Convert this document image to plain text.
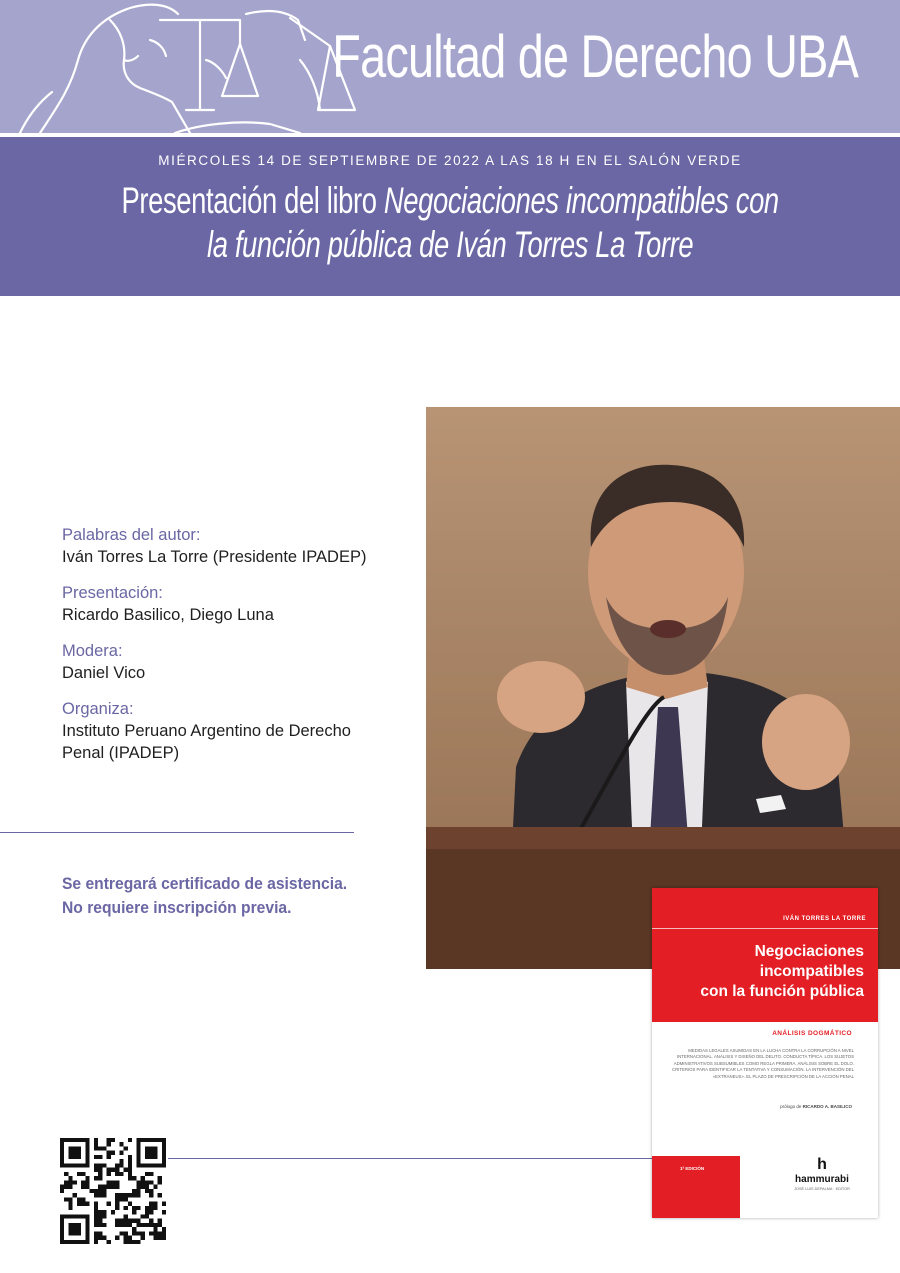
Facultad de Derecho UBA
MIÉRCOLES 14 DE SEPTIEMBRE DE 2022 A LAS 18 H EN EL SALÓN VERDE
Presentación del libro Negociaciones incompatibles con
la función pública de Iván Torres La Torre
Palabras del autor:
Iván Torres La Torre (Presidente IPADEP)
Presentación:
Ricardo Basilico, Diego Luna
Modera:
Daniel Vico
Organiza:
Instituto Peruano Argentino de Derecho Penal (IPADEP)
Se entregará certificado de asistencia.
No requiere inscripción previa.
IVÁN TORRES LA TORRE
Negociaciones
incompatibles
con la función pública
ANÁLISIS DOGMÁTICO
MEDIDAS LEGALES ASUMIDAS EN LA LUCHA CONTRA LA CORRUPCIÓN A NIVEL INTERNACIONAL. ANÁLISIS Y DISEÑO DEL DELITO. CONDUCTA TÍPICA. LOS SUJETOS ADMINISTRATIVOS SUBSUMIBLES COMO REGLA PRIMERA. ANÁLISIS SOBRE EL DOLO. CRITERIOS PARA IDENTIFICAR LA TENTATIVA Y CONSUMACIÓN. LA INTERVENCIÓN DEL «EXTRANEUS». EL PLAZO DE PRESCRIPCIÓN DE LA ACCIÓN PENAL
prólogo de RICARDO A. BASILICO
1ª EDICIÓN	h
hammurabi
JOSÉ LUIS DEPALMA · EDITOR
